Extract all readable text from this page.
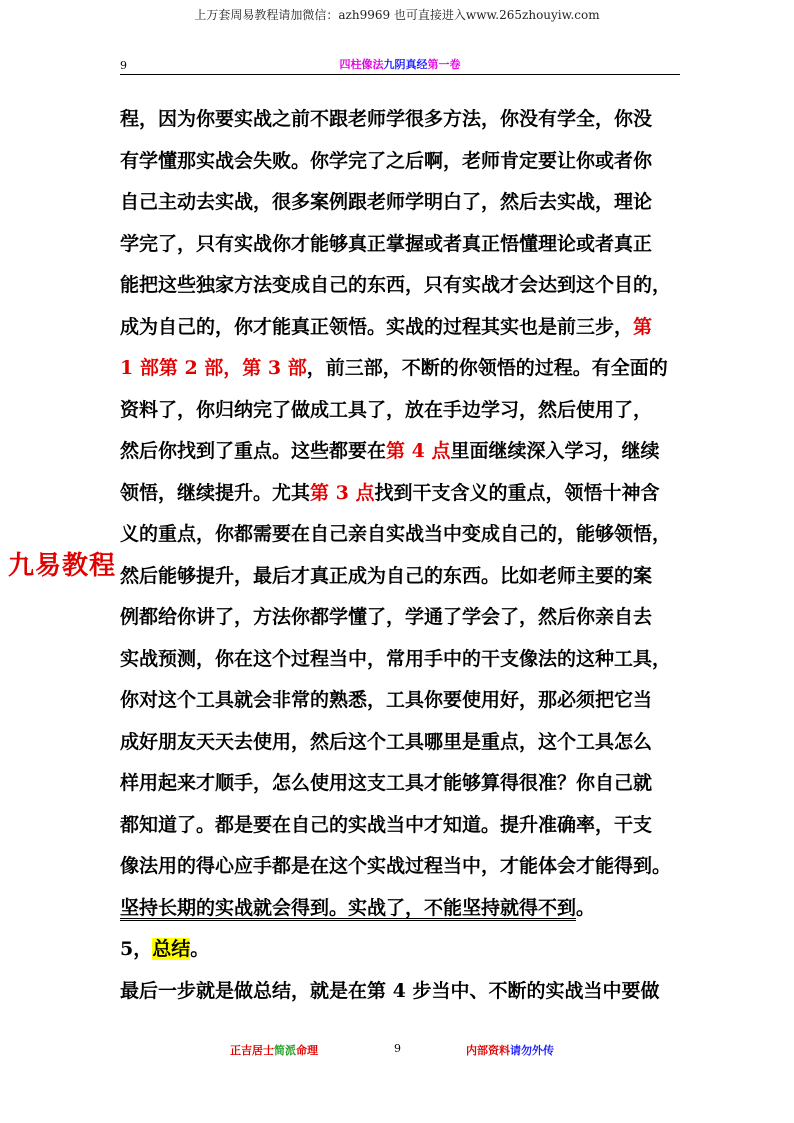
上万套周易教程请加微信：azh9969 也可直接进入www.265zhouyiw.com
9	四柱像法九阴真经第一卷
程，因为你要实战之前不跟老师学很多方法，你没有学全，你没
有学懂那实战会失败。你学完了之后啊，老师肯定要让你或者你
自己主动去实战，很多案例跟老师学明白了，然后去实战，理论
学完了，只有实战你才能够真正掌握或者真正悟懂理论或者真正
能把这些独家方法变成自己的东西，只有实战才会达到这个目的，
成为自己的，你才能真正领悟。实战的过程其实也是前三步，第
1 部第 2 部，第 3 部，前三部，不断的你领悟的过程。有全面的
资料了，你归纳完了做成工具了，放在手边学习，然后使用了，
然后你找到了重点。这些都要在第 4 点里面继续深入学习，继续
领悟，继续提升。尤其第 3 点找到干支含义的重点，领悟十神含
义的重点，你都需要在自己亲自实战当中变成自己的，能够领悟，
然后能够提升，最后才真正成为自己的东西。比如老师主要的案
例都给你讲了，方法你都学懂了，学通了学会了，然后你亲自去
实战预测，你在这个过程当中，常用手中的干支像法的这种工具，
你对这个工具就会非常的熟悉，工具你要使用好，那必须把它当
成好朋友天天去使用，然后这个工具哪里是重点，这个工具怎么
样用起来才顺手，怎么使用这支工具才能够算得很准？你自己就
都知道了。都是要在自己的实战当中才知道。提升准确率，干支
像法用的得心应手都是在这个实战过程当中，才能体会才能得到。
坚持长期的实战就会得到。实战了，不能坚持就得不到。
5，总结。
最后一步就是做总结，就是在第 4 步当中、不断的实战当中要做
九易教程
正吉居士简派命理	9	内部资料请勿外传
